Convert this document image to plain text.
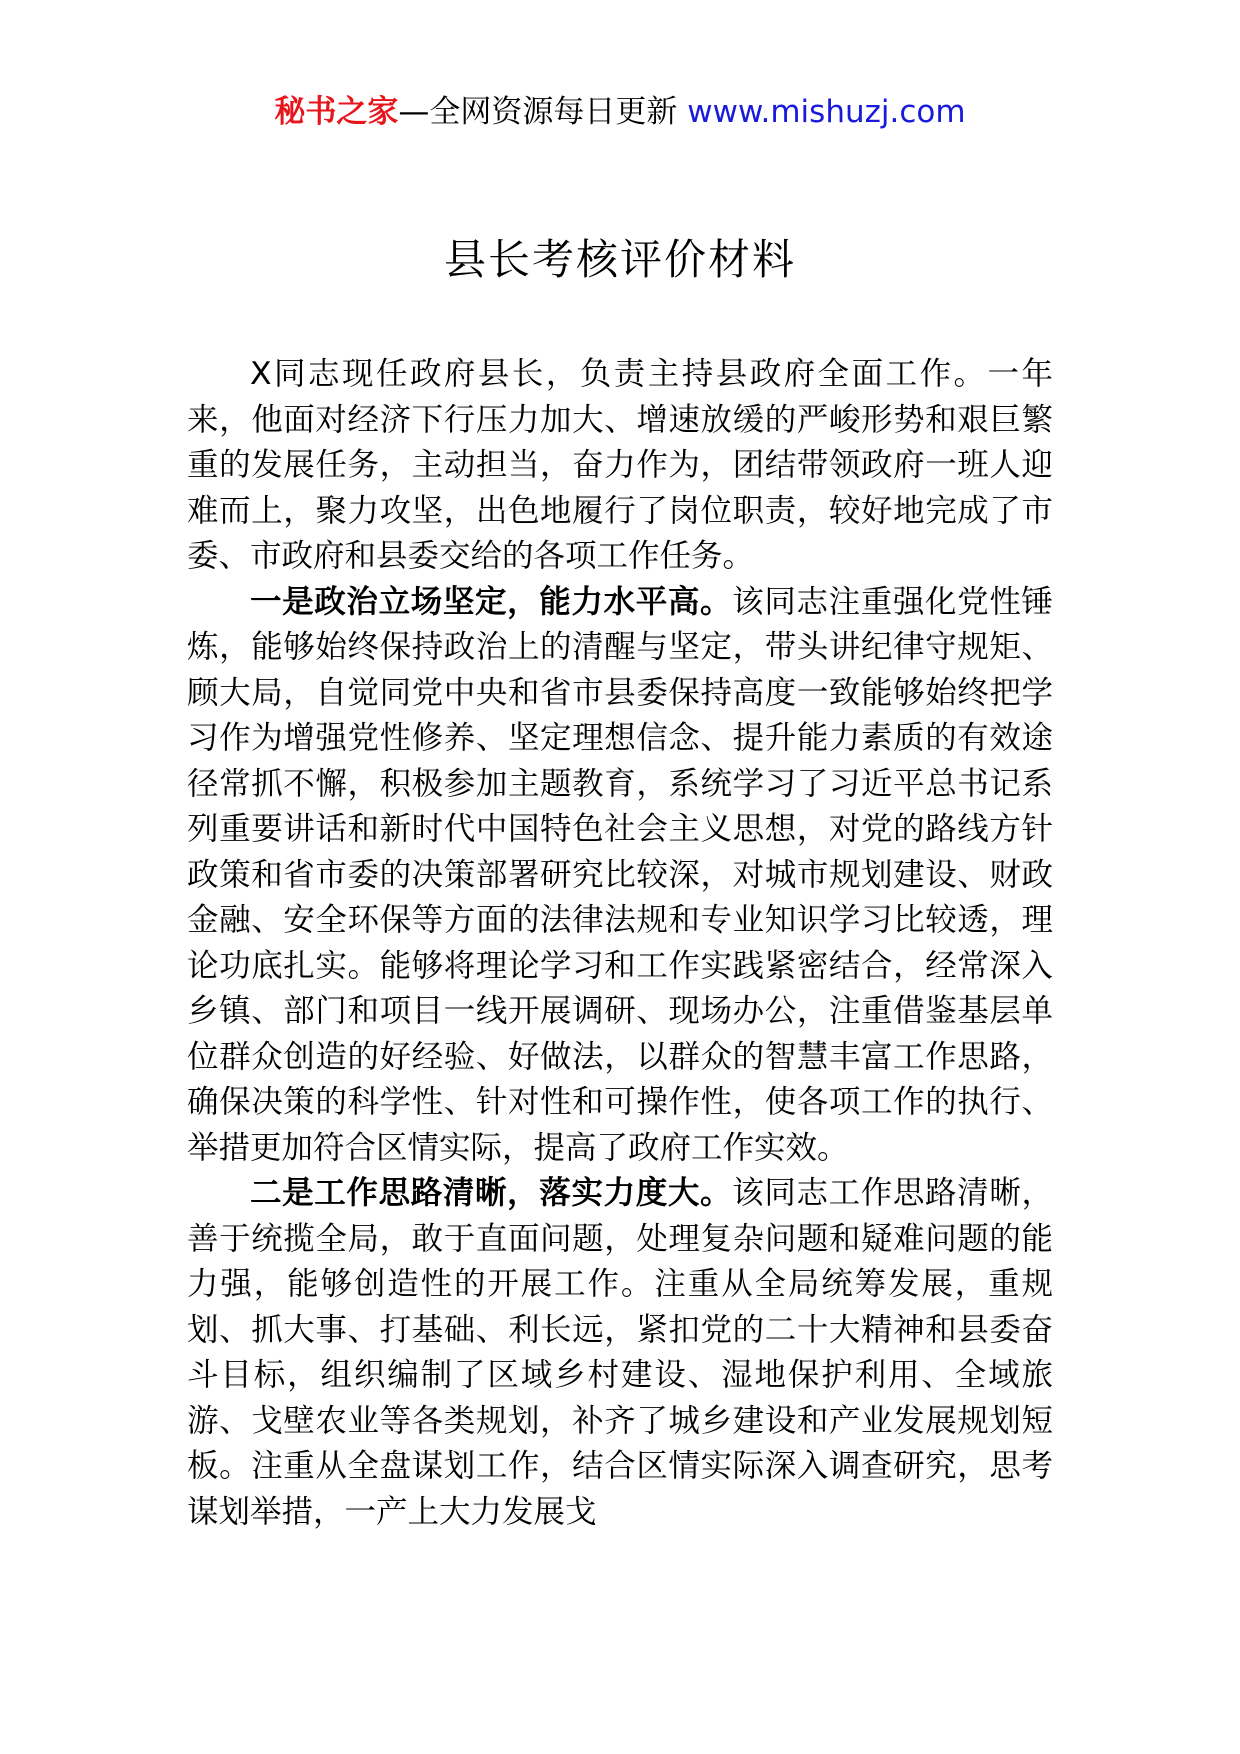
秘书之家—全网资源每日更新 www.mishuzj.com
县长考核评价材料

X同志现任政府县长，负责主持县政府全面工作。一年来，他面对经济下行压力加大、增速放缓的严峻形势和艰巨繁重的发展任务，主动担当，奋力作为，团结带领政府一班人迎难而上，聚力攻坚，出色地履行了岗位职责，较好地完成了市委、市政府和县委交给的各项工作任务。

一是政治立场坚定，能力水平高。该同志注重强化党性锤炼，能够始终保持政治上的清醒与坚定，带头讲纪律守规矩、顾大局，自觉同党中央和省市县委保持高度一致能够始终把学习作为增强党性修养、坚定理想信念、提升能力素质的有效途径常抓不懈，积极参加主题教育，系统学习了习近平总书记系列重要讲话和新时代中国特色社会主义思想，对党的路线方针政策和省市委的决策部署研究比较深，对城市规划建设、财政金融、安全环保等方面的法律法规和专业知识学习比较透，理论功底扎实。能够将理论学习和工作实践紧密结合，经常深入乡镇、部门和项目一线开展调研、现场办公，注重借鉴基层单位群众创造的好经验、好做法，以群众的智慧丰富工作思路，确保决策的科学性、针对性和可操作性，使各项工作的执行、举措更加符合区情实际，提高了政府工作实效。

二是工作思路清晰，落实力度大。该同志工作思路清晰，善于统揽全局，敢于直面问题，处理复杂问题和疑难问题的能力强，能够创造性的开展工作。注重从全局统筹发展，重规划、抓大事、打基础、利长远，紧扣党的二十大精神和县委奋斗目标，组织编制了区域乡村建设、湿地保护利用、全域旅游、戈壁农业等各类规划，补齐了城乡建设和产业发展规划短板。注重从全盘谋划工作，结合区情实际深入调查研究，思考谋划举措，一产上大力发展戈
